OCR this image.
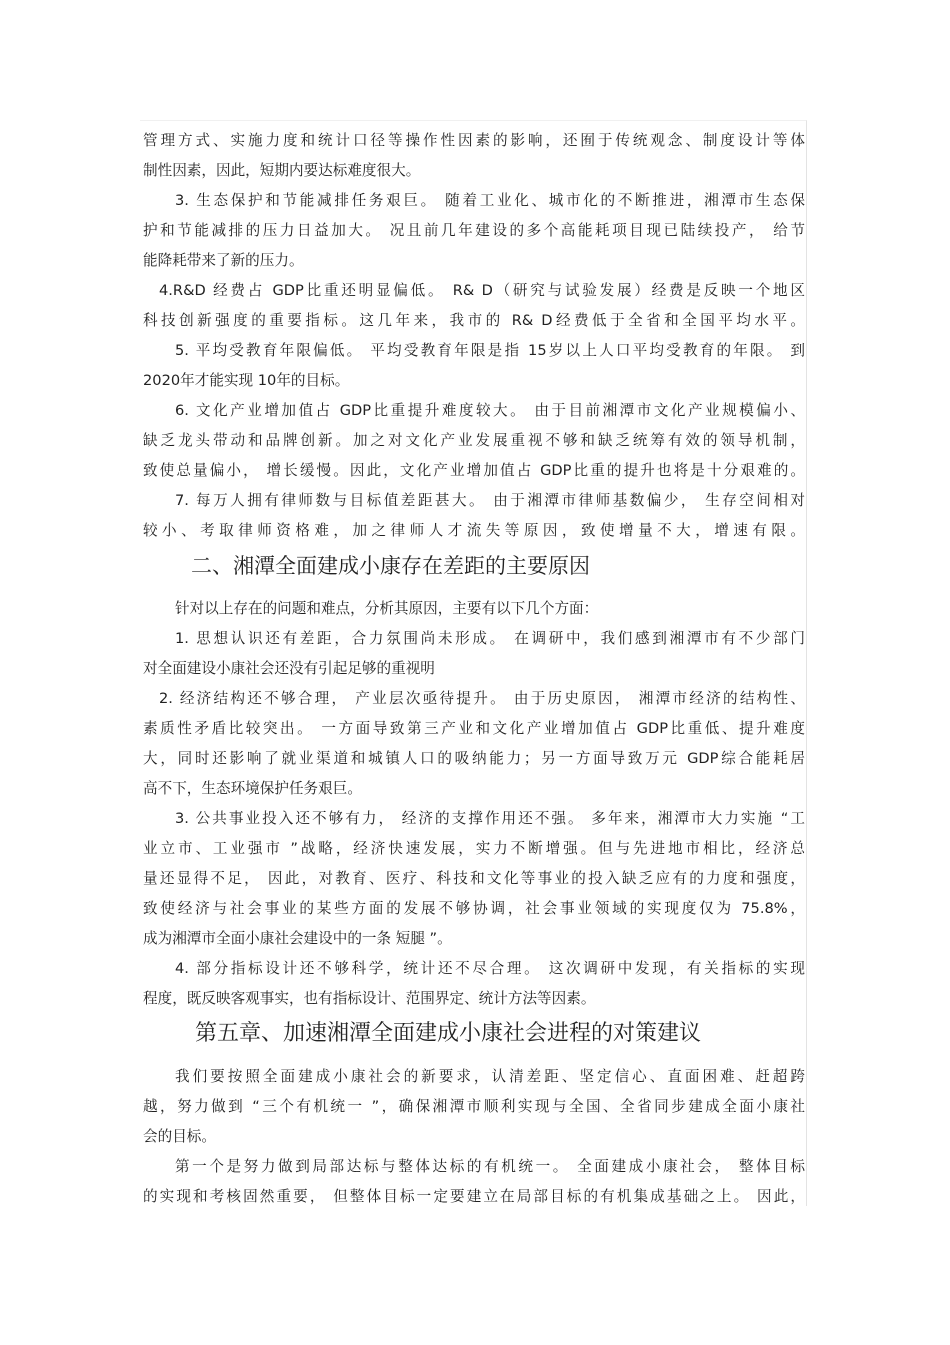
管理方式、实施力度和统计口径等操作性因素的影响，还囿于传统观念、制度设计等体
制性因素，因此，短期内要达标难度很大。
3. 生态保护和节能减排任务艰巨。 随着工业化、城市化的不断推进，湘潭市生态保
护和节能减排的压力日益加大。 况且前几年建设的多个高能耗项目现已陆续投产， 给节
能降耗带来了新的压力。
4.R&D 经费占 GDP比重还明显偏低。 R& D（研究与试验发展）经费是反映一个地区
科技创新强度的重要指标。这几年来，我市的 R& D经费低于全省和全国平均水平。
5. 平均受教育年限偏低。 平均受教育年限是指 15岁以上人口平均受教育的年限。 到
2020年才能实现 10年的目标。
6. 文化产业增加值占 GDP比重提升难度较大。 由于目前湘潭市文化产业规模偏小、
缺乏龙头带动和品牌创新。加之对文化产业发展重视不够和缺乏统筹有效的领导机制，
致使总量偏小， 增长缓慢。因此，文化产业增加值占 GDP比重的提升也将是十分艰难的。
7. 每万人拥有律师数与目标值差距甚大。 由于湘潭市律师基数偏少， 生存空间相对
较小、考取律师资格难，加之律师人才流失等原因，致使增量不大，增速有限。
二、湘潭全面建成小康存在差距的主要原因
针对以上存在的问题和难点，分析其原因，主要有以下几个方面：
1. 思想认识还有差距，合力氛围尚未形成。 在调研中，我们感到湘潭市有不少部门
对全面建设小康社会还没有引起足够的重视明
2. 经济结构还不够合理， 产业层次亟待提升。 由于历史原因， 湘潭市经济的结构性、
素质性矛盾比较突出。 一方面导致第三产业和文化产业增加值占 GDP比重低、提升难度
大，同时还影响了就业渠道和城镇人口的吸纳能力；另一方面导致万元 GDP综合能耗居
高不下，生态环境保护任务艰巨。
3. 公共事业投入还不够有力， 经济的支撑作用还不强。 多年来，湘潭市大力实施 “工
业立市、工业强市 ”战略，经济快速发展，实力不断增强。但与先进地市相比，经济总
量还显得不足， 因此，对教育、医疗、科技和文化等事业的投入缺乏应有的力度和强度，
致使经济与社会事业的某些方面的发展不够协调，社会事业领域的实现度仅为 75.8%，
成为湘潭市全面小康社会建设中的一条 短腿 ”。
4. 部分指标设计还不够科学，统计还不尽合理。 这次调研中发现，有关指标的实现
程度，既反映客观事实，也有指标设计、范围界定、统计方法等因素。
第五章、加速湘潭全面建成小康社会进程的对策建议
我们要按照全面建成小康社会的新要求，认清差距、坚定信心、直面困难、赶超跨
越，努力做到 “三个有机统一 ”，确保湘潭市顺利实现与全国、全省同步建成全面小康社
会的目标。
第一个是努力做到局部达标与整体达标的有机统一。 全面建成小康社会， 整体目标
的实现和考核固然重要， 但整体目标一定要建立在局部目标的有机集成基础之上。 因此，
